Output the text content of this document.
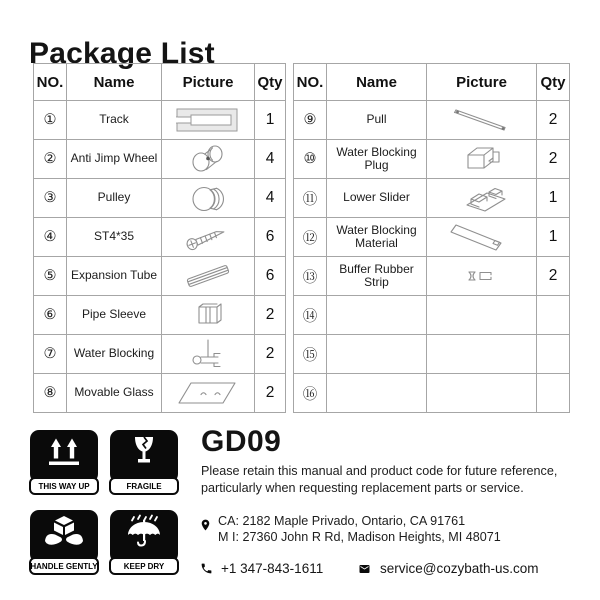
Package List
NO.	Name	Picture	Qty
①	Track		1
②	Anti Jimp Wheel		4
③	Pulley		4
④	ST4*35		6
⑤	Expansion Tube		6
⑥	Pipe Sleeve		2
⑦	Water Blocking		2
⑧	Movable Glass		2
NO.	Name	Picture	Qty
⑨	Pull		2
⑩	Water Blocking Plug		2
⑪	Lower Slider		1
⑫	Water Blocking Material		1
⑬	Buffer Rubber Strip		2
⑭			
⑮			
⑯			
THIS WAY UP	FRAGILE
HANDLE GENTLY	KEEP DRY
GD09
Please retain this manual and product code for future reference,
particularly when requesting replacement parts or service.
CA: 2182 Maple Privado, Ontario, CA 91761
M I: 27360 John R Rd, Madison Heights, MI 48071
+1 347-843-1611	service@cozybath-us.com
